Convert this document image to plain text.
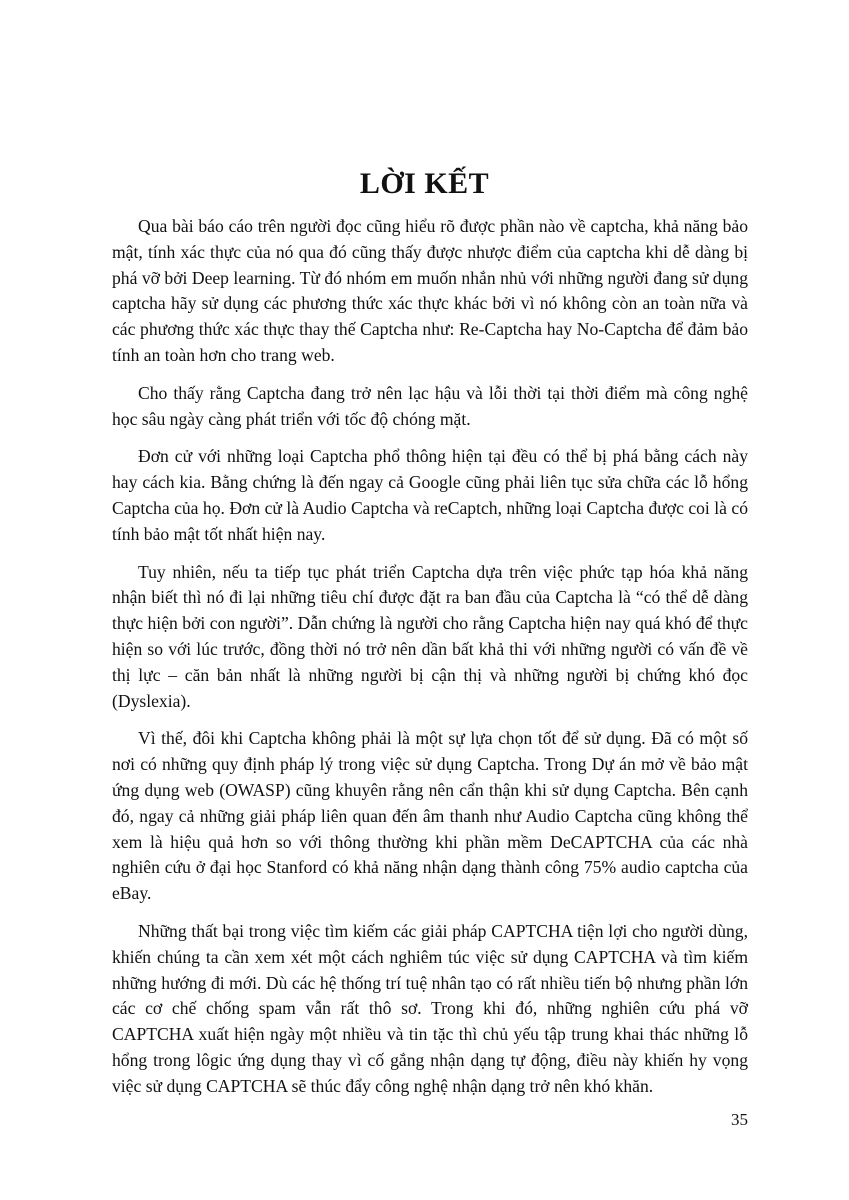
LỜI KẾT

Qua bài báo cáo trên người đọc cũng hiểu rõ được phần nào về captcha, khả năng bảo mật, tính xác thực của nó qua đó cũng thấy được nhược điểm của captcha khi dễ dàng bị phá vỡ bởi Deep learning. Từ đó nhóm em muốn nhắn nhủ với những người đang sử dụng captcha hãy sử dụng các phương thức xác thực khác bởi vì nó không còn an toàn nữa và các phương thức xác thực thay thế Captcha như: Re-Captcha hay No-Captcha để đảm bảo tính an toàn hơn cho trang web.

Cho thấy rằng Captcha đang trở nên lạc hậu và lỗi thời tại thời điểm mà công nghệ học sâu ngày càng phát triển với tốc độ chóng mặt.

Đơn cử với những loại Captcha phổ thông hiện tại đều có thể bị phá bằng cách này hay cách kia. Bằng chứng là đến ngay cả Google cũng phải liên tục sửa chữa các lỗ hổng Captcha của họ. Đơn cử là Audio Captcha và reCaptch, những loại Captcha được coi là có tính bảo mật tốt nhất hiện nay.

Tuy nhiên, nếu ta tiếp tục phát triển Captcha dựa trên việc phức tạp hóa khả năng nhận biết thì nó đi lại những tiêu chí được đặt ra ban đầu của Captcha là “có thể dễ dàng thực hiện bởi con người”. Dẫn chứng là người cho rằng Captcha hiện nay quá khó để thực hiện so với lúc trước, đồng thời nó trở nên dần bất khả thi với những người có vấn đề về thị lực – căn bản nhất là những người bị cận thị và những người bị chứng khó đọc (Dyslexia).

Vì thế, đôi khi Captcha không phải là một sự lựa chọn tốt để sử dụng. Đã có một số nơi có những quy định pháp lý trong việc sử dụng Captcha. Trong Dự án mở về bảo mật ứng dụng web (OWASP) cũng khuyên rằng nên cẩn thận khi sử dụng Captcha. Bên cạnh đó, ngay cả những giải pháp liên quan đến âm thanh như Audio Captcha cũng không thể xem là hiệu quả hơn so với thông thường khi phần mềm DeCAPTCHA của các nhà nghiên cứu ở đại học Stanford có khả năng nhận dạng thành công 75% audio captcha của eBay.

Những thất bại trong việc tìm kiếm các giải pháp CAPTCHA tiện lợi cho người dùng, khiến chúng ta cần xem xét một cách nghiêm túc việc sử dụng CAPTCHA và tìm kiếm những hướng đi mới. Dù các hệ thống trí tuệ nhân tạo có rất nhiều tiến bộ nhưng phần lớn các cơ chế chống spam vẫn rất thô sơ. Trong khi đó, những nghiên cứu phá vỡ CAPTCHA xuất hiện ngày một nhiều và tin tặc thì chủ yếu tập trung khai thác những lỗ hổng trong lôgic ứng dụng thay vì cố gắng nhận dạng tự động, điều này khiến hy vọng việc sử dụng CAPTCHA sẽ thúc đẩy công nghệ nhận dạng trở nên khó khăn.

35
